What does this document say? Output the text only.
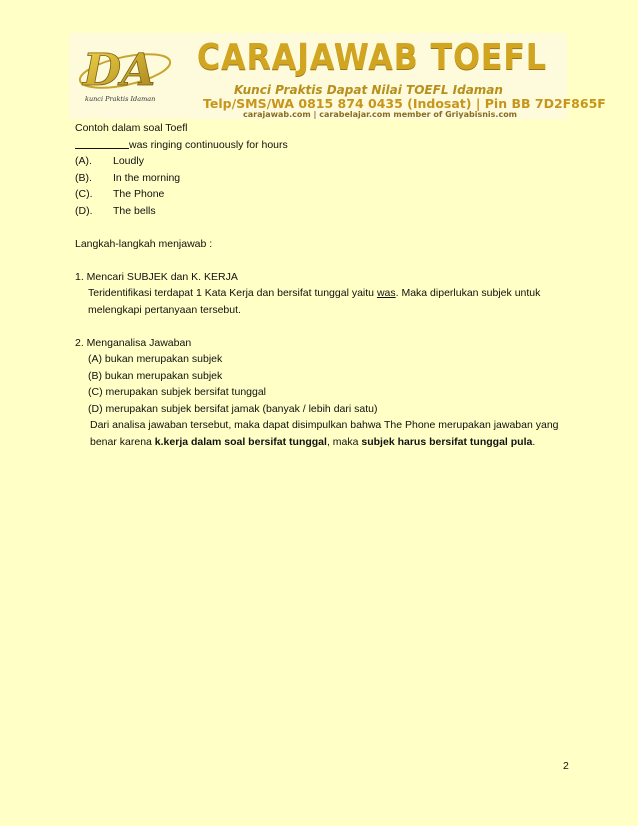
DA
kunci Praktis Idaman
CARAJAWAB TOEFL
Kunci Praktis Dapat Nilai TOEFL Idaman
Telp/SMS/WA 0815 874 0435 (Indosat) | Pin BB 7D2F865F
carajawab.com | carabelajar.com member of Griyabisnis.com
Contoh dalam soal Toefl
was ringing continuously for hours
(A).	Loudly
(B).	In the morning
(C).	The Phone
(D).	The bells
Langkah-langkah menjawab :
1. Mencari SUBJEK dan K. KERJA
Teridentifikasi terdapat 1 Kata Kerja dan bersifat tunggal yaitu was. Maka diperlukan subjek untuk
melengkapi pertanyaan tersebut.
2. Menganalisa Jawaban
(A) bukan merupakan subjek
(B) bukan merupakan subjek
(C) merupakan subjek bersifat tunggal
(D) merupakan subjek bersifat jamak (banyak / lebih dari satu)
Dari analisa jawaban tersebut, maka dapat disimpulkan bahwa The Phone merupakan jawaban yang
benar karena k.kerja dalam soal bersifat tunggal, maka subjek harus bersifat tunggal pula.
2
